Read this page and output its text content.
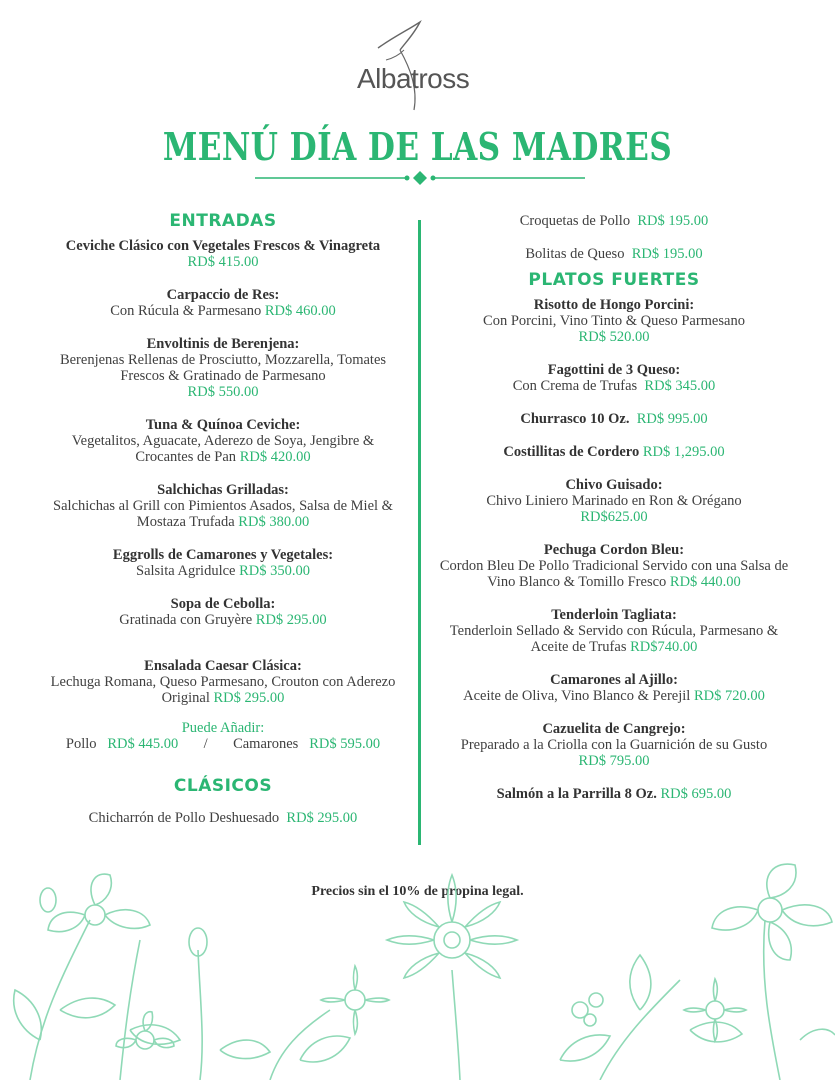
Albatross
MENÚ DÍA DE LAS MADRES
ENTRADAS
Ceviche Clásico con Vegetales Frescos & Vinagreta
RD$ 415.00
Carpaccio de Res:
Con Rúcula & Parmesano RD$ 460.00
Envoltinis de Berenjena:
Berenjenas Rellenas de Prosciutto, Mozzarella, Tomates Frescos & Gratinado de Parmesano
RD$ 550.00
Tuna & Quínoa Ceviche:
Vegetalitos, Aguacate, Aderezo de Soya, Jengibre & Crocantes de Pan RD$ 420.00
Salchichas Grilladas:
Salchichas al Grill con Pimientos Asados, Salsa de Miel & Mostaza Trufada RD$ 380.00
Eggrolls de Camarones y Vegetales:
Salsita Agridulce RD$ 350.00
Sopa de Cebolla:
Gratinada con Gruyère RD$ 295.00
Ensalada Caesar Clásica:
Lechuga Romana, Queso Parmesano, Crouton con Aderezo Original RD$ 295.00
Puede Añadir:
Pollo RD$ 445.00 / Camarones RD$ 595.00
CLÁSICOS
Chicharrón de Pollo Deshuesado RD$ 295.00
Croquetas de Pollo RD$ 195.00
Bolitas de Queso RD$ 195.00
PLATOS FUERTES
Risotto de Hongo Porcini:
Con Porcini, Vino Tinto & Queso Parmesano
RD$ 520.00
Fagottini de 3 Queso:
Con Crema de Trufas RD$ 345.00
Churrasco 10 Oz. RD$ 995.00
Costillitas de Cordero RD$ 1,295.00
Chivo Guisado:
Chivo Liniero Marinado en Ron & Orégano
RD$625.00
Pechuga Cordon Bleu:
Cordon Bleu De Pollo Tradicional Servido con una Salsa de Vino Blanco & Tomillo Fresco RD$ 440.00
Tenderloin Tagliata:
Tenderloin Sellado & Servido con Rúcula, Parmesano & Aceite de Trufas RD$740.00
Camarones al Ajillo:
Aceite de Oliva, Vino Blanco & Perejil RD$ 720.00
Cazuelita de Cangrejo:
Preparado a la Criolla con la Guarnición de su Gusto
RD$ 795.00
Salmón a la Parrilla 8 Oz. RD$ 695.00
Precios sin el 10% de propina legal.
